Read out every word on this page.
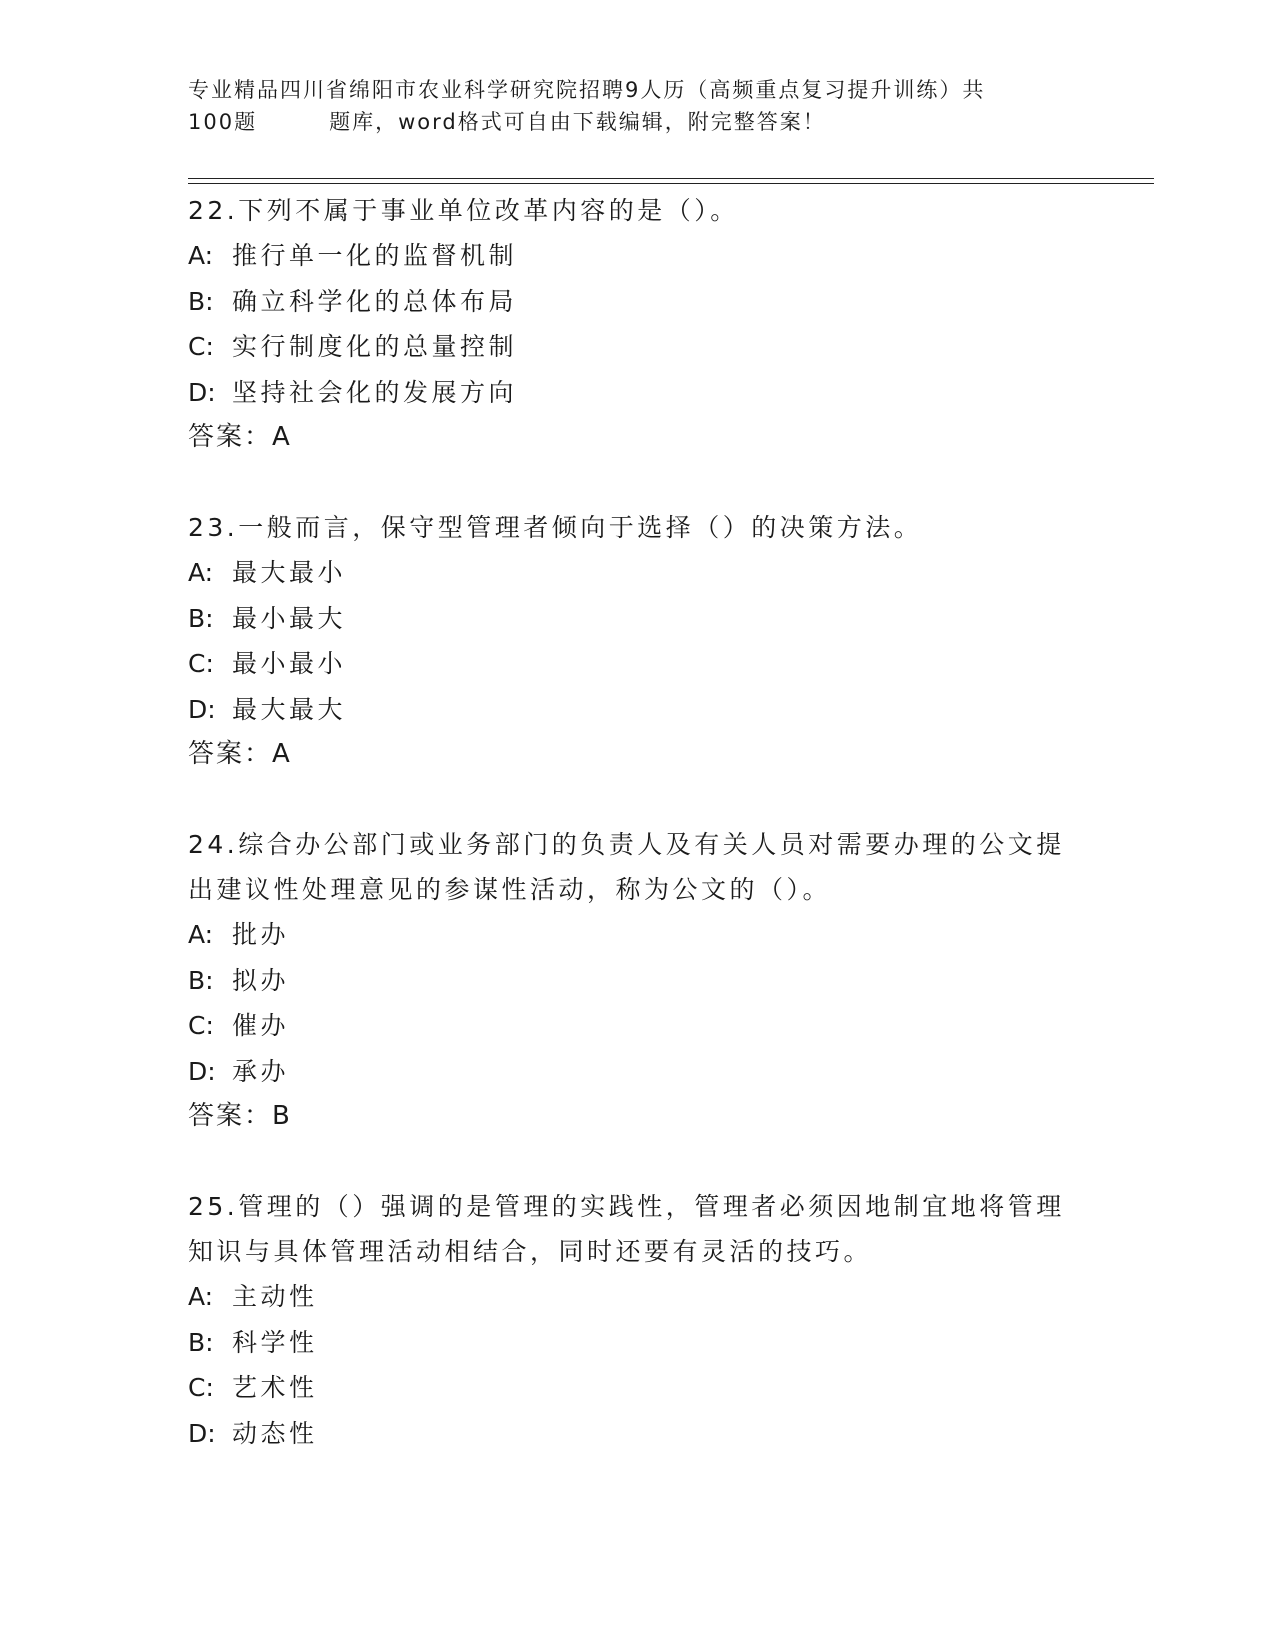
专业精品四川省绵阳市农业科学研究院招聘9人历（高频重点复习提升训练）共
100题	题库，word格式可自由下载编辑，附完整答案！

22.下列不属于事业单位改革内容的是（）。

A: 推行单一化的监督机制

B: 确立科学化的总体布局

C: 实行制度化的总量控制

D: 坚持社会化的发展方向

答案：A

23.一般而言，保守型管理者倾向于选择（）的决策方法。

A: 最大最小

B: 最小最大

C: 最小最小

D: 最大最大

答案：A

24.综合办公部门或业务部门的负责人及有关人员对需要办理的公文提出建议性处理意见的参谋性活动，称为公文的（）。

A: 批办

B: 拟办

C: 催办

D: 承办

答案：B

25.管理的（）强调的是管理的实践性，管理者必须因地制宜地将管理知识与具体管理活动相结合，同时还要有灵活的技巧。

A: 主动性

B: 科学性

C: 艺术性

D: 动态性
